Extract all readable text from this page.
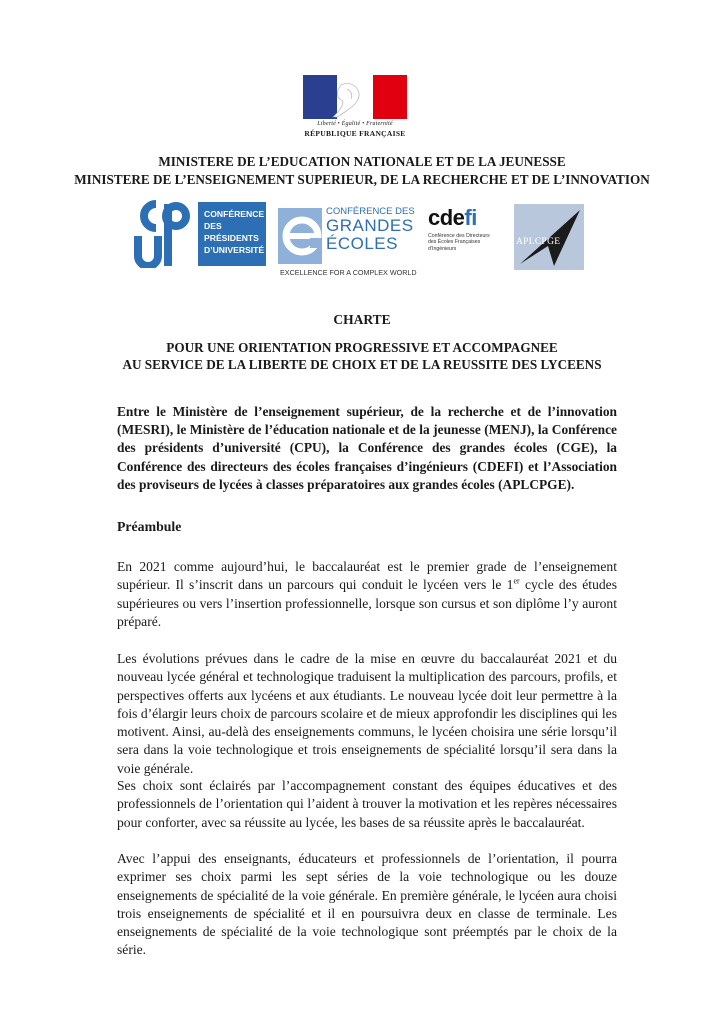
Liberté • Égalité • Fraternité
RÉPUBLIQUE FRANÇAISE
MINISTERE DE L’EDUCATION NATIONALE ET DE LA JEUNESSE
MINISTERE DE L’ENSEIGNEMENT SUPERIEUR, DE LA RECHERCHE ET DE L’INNOVATION
CONFÉRENCE
DES PRÉSIDENTS
D’UNIVERSITÉ
CONFÉRENCE DES
GRANDES
ÉCOLES
EXCELLENCE FOR A COMPLEX WORLD
cdefi
Conférence des Directeurs
des Écoles Françaises
d’Ingénieurs
APLCPGE
CHARTE
POUR UNE ORIENTATION PROGRESSIVE ET ACCOMPAGNEE
AU SERVICE DE LA LIBERTE DE CHOIX ET DE LA REUSSITE DES LYCEENS
Entre le Ministère de l’enseignement supérieur, de la recherche et de l’innovation (MESRI), le Ministère de l’éducation nationale et de la jeunesse (MENJ), la Conférence des présidents d’université (CPU), la Conférence des grandes écoles (CGE), la Conférence des directeurs des écoles françaises d’ingénieurs (CDEFI) et l’Association des proviseurs de lycées à classes préparatoires aux grandes écoles (APLCPGE).
Préambule
En 2021 comme aujourd’hui, le baccalauréat est le premier grade de l’enseignement supérieur. Il s’inscrit dans un parcours qui conduit le lycéen vers le 1er cycle des études supérieures ou vers l’insertion professionnelle, lorsque son cursus et son diplôme l’y auront préparé.
Les évolutions prévues dans le cadre de la mise en œuvre du baccalauréat 2021 et du nouveau lycée général et technologique traduisent la multiplication des parcours, profils, et perspectives offerts aux lycéens et aux étudiants. Le nouveau lycée doit leur permettre à la fois d’élargir leurs choix de parcours scolaire et de mieux approfondir les disciplines qui les motivent. Ainsi, au-delà des enseignements communs, le lycéen choisira une série lorsqu’il sera dans la voie technologique et trois enseignements de spécialité lorsqu’il sera dans la voie générale.
Ses choix sont éclairés par l’accompagnement constant des équipes éducatives et des professionnels de l’orientation qui l’aident à trouver la motivation et les repères nécessaires pour conforter, avec sa réussite au lycée, les bases de sa réussite après le baccalauréat.
Avec l’appui des enseignants, éducateurs et professionnels de l’orientation, il pourra exprimer ses choix parmi les sept séries de la voie technologique ou les douze enseignements de spécialité de la voie générale. En première générale, le lycéen aura choisi trois enseignements de spécialité et il en poursuivra deux en classe de terminale. Les enseignements de spécialité de la voie technologique sont préemptés par le choix de la série.
